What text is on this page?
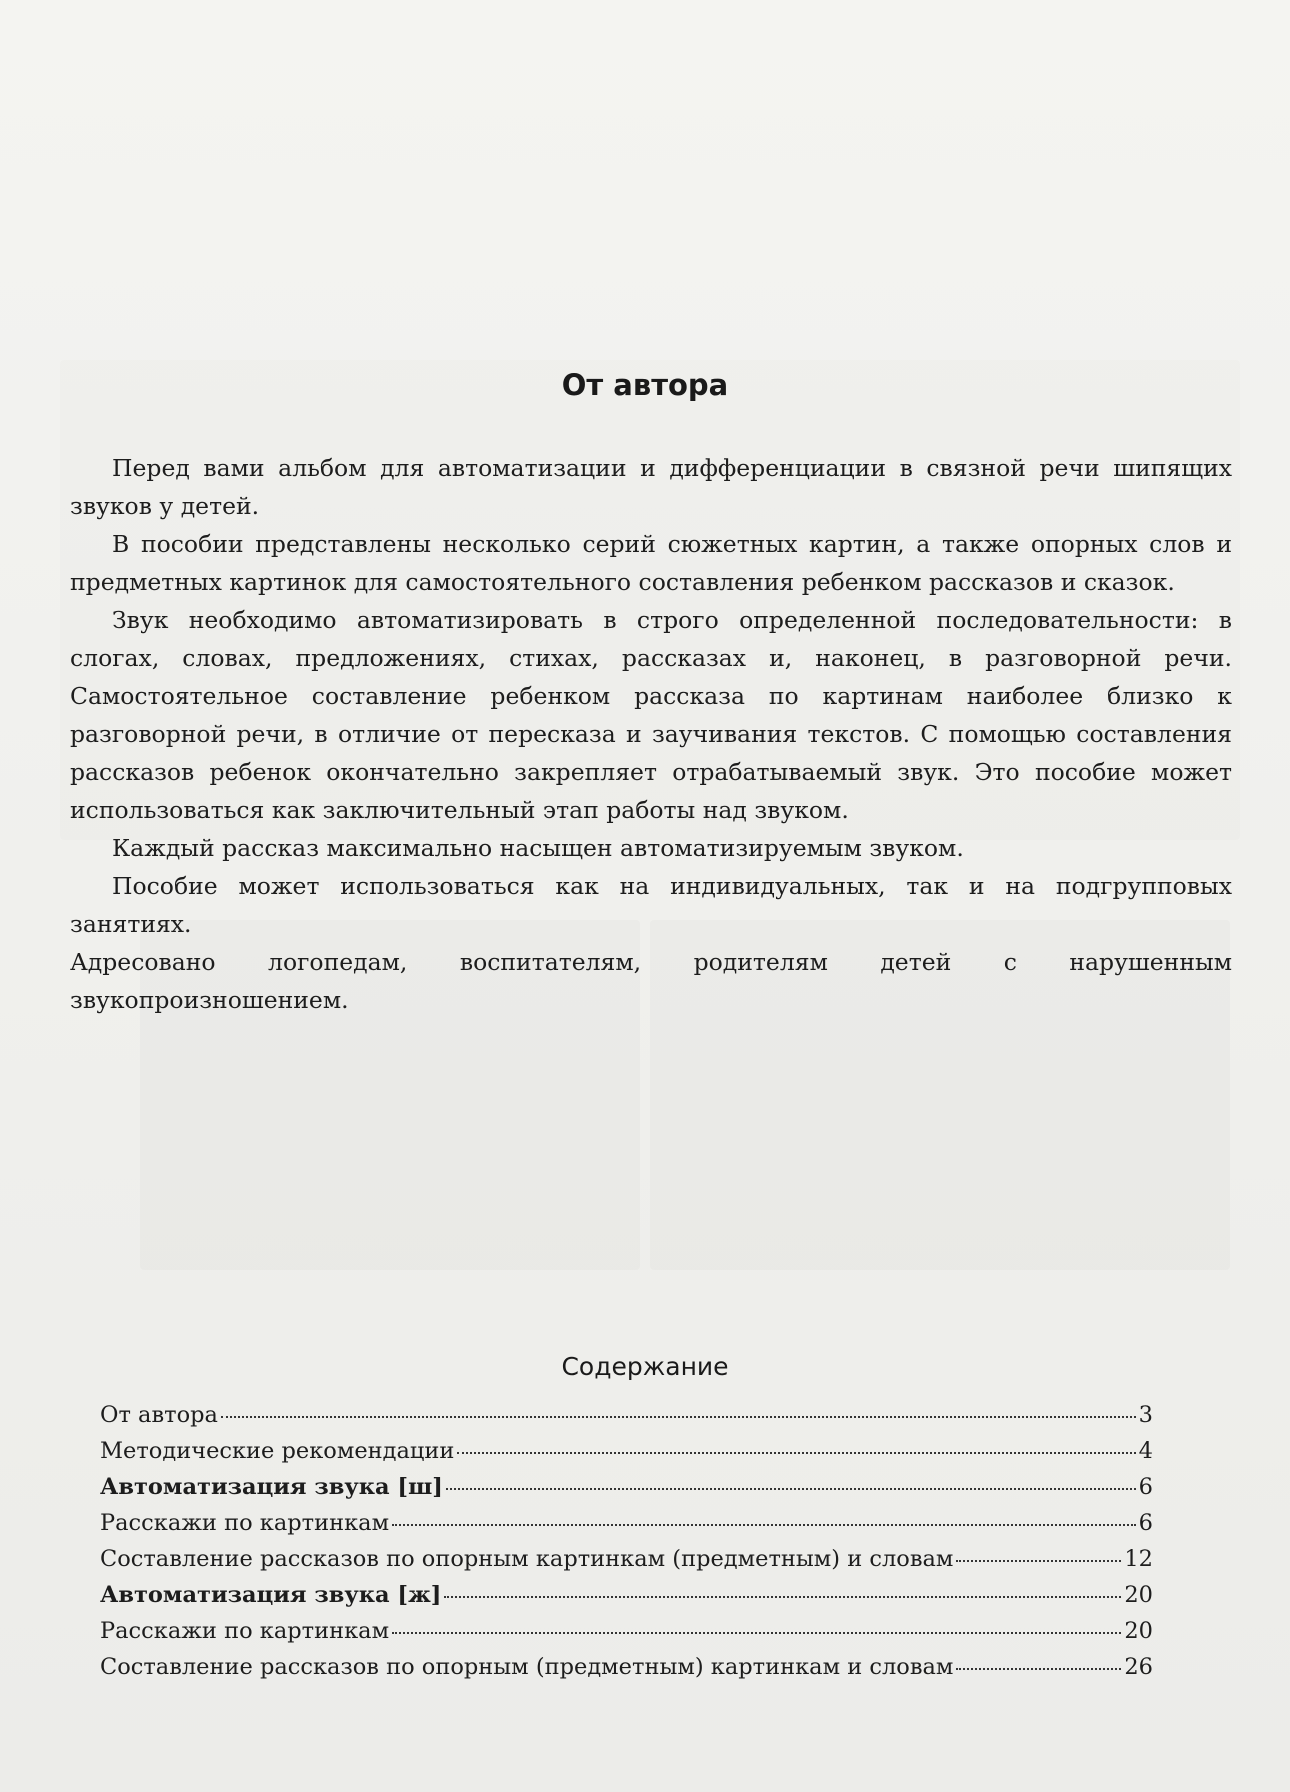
От автора

Перед вами альбом для автоматизации и дифференциации в связной речи шипящих звуков у детей.

В пособии представлены несколько серий сюжетных картин, а также опорных слов и предметных картинок для самостоятельного составления ребенком рассказов и сказок.

Звук необходимо автоматизировать в строго определенной последовательности: в слогах, словах, предложениях, стихах, рассказах и, наконец, в разговорной речи. Самостоятельное составление ребенком рассказа по картинам наиболее близко к разговорной речи, в отличие от пересказа и заучивания текстов. С помощью составления рассказов ребенок окончательно закрепляет отрабатываемый звук. Это пособие может использоваться как заключительный этап работы над звуком.

Каждый рассказ максимально насыщен автоматизируемым звуком.

Пособие может использоваться как на индивидуальных, так и на подгрупповых занятиях.

Адресовано логопедам, воспитателям, родителям детей с нарушенным звукопроизношением.

Содержание
От автора	3
Методические рекомендации	4
Автоматизация звука [ш]	6
Расскажи по картинкам	6
Составление рассказов по опорным картинкам (предметным) и словам	12
Автоматизация звука [ж]	20
Расскажи по картинкам	20
Составление рассказов по опорным (предметным) картинкам и словам	26
